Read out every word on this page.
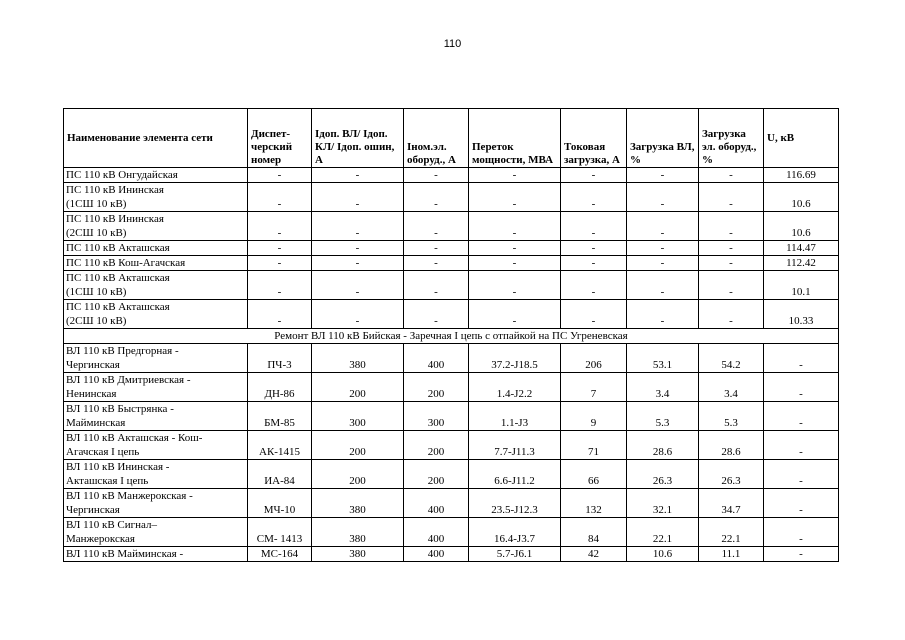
110
Наименование элемента сети	Диспет-черский номер	Iдоп. ВЛ/ Iдоп. КЛ/ Iдоп. ошин, А	Iном.эл. оборуд., А	Переток мощности, МВА	Токовая загрузка, А	Загрузка ВЛ, %	Загрузка эл. оборуд., %	U, кВ
ПС 110 кВ Онгудайская	-	-	-	-	-	-	-	116.69
ПС 110 кВ Ининская
(1СШ 10 кВ)	-	-	-	-	-	-	-	10.6
ПС 110 кВ Ининская
(2СШ 10 кВ)	-	-	-	-	-	-	-	10.6
ПС 110 кВ Акташская	-	-	-	-	-	-	-	114.47
ПС 110 кВ Кош-Агачская	-	-	-	-	-	-	-	112.42
ПС 110 кВ Акташская
(1СШ 10 кВ)	-	-	-	-	-	-	-	10.1
ПС 110 кВ Акташская
(2СШ 10 кВ)	-	-	-	-	-	-	-	10.33
Ремонт ВЛ 110 кВ Бийская - Заречная I цепь с отпайкой на ПС Угреневская								
ВЛ 110 кВ Предгорная -
Чергинская	ПЧ-3	380	400	37.2-J18.5	206	53.1	54.2	-
ВЛ 110 кВ Дмитриевская -
Ненинская	ДН-86	200	200	1.4-J2.2	7	3.4	3.4	-
ВЛ 110 кВ Быстрянка -
Майминская	БМ-85	300	300	1.1-J3	9	5.3	5.3	-
ВЛ 110 кВ Акташская - Кош-
Агачская I цепь	АК-1415	200	200	7.7-J11.3	71	28.6	28.6	-
ВЛ 110 кВ Ининская -
Акташская I цепь	ИА-84	200	200	6.6-J11.2	66	26.3	26.3	-
ВЛ 110 кВ Манжерокская -
Чергинская	МЧ-10	380	400	23.5-J12.3	132	32.1	34.7	-
ВЛ 110 кВ Сигнал–
Манжерокская	СМ- 1413	380	400	16.4-J3.7	84	22.1	22.1	-
ВЛ 110 кВ Майминская -	МС-164	380	400	5.7-J6.1	42	10.6	11.1	-
